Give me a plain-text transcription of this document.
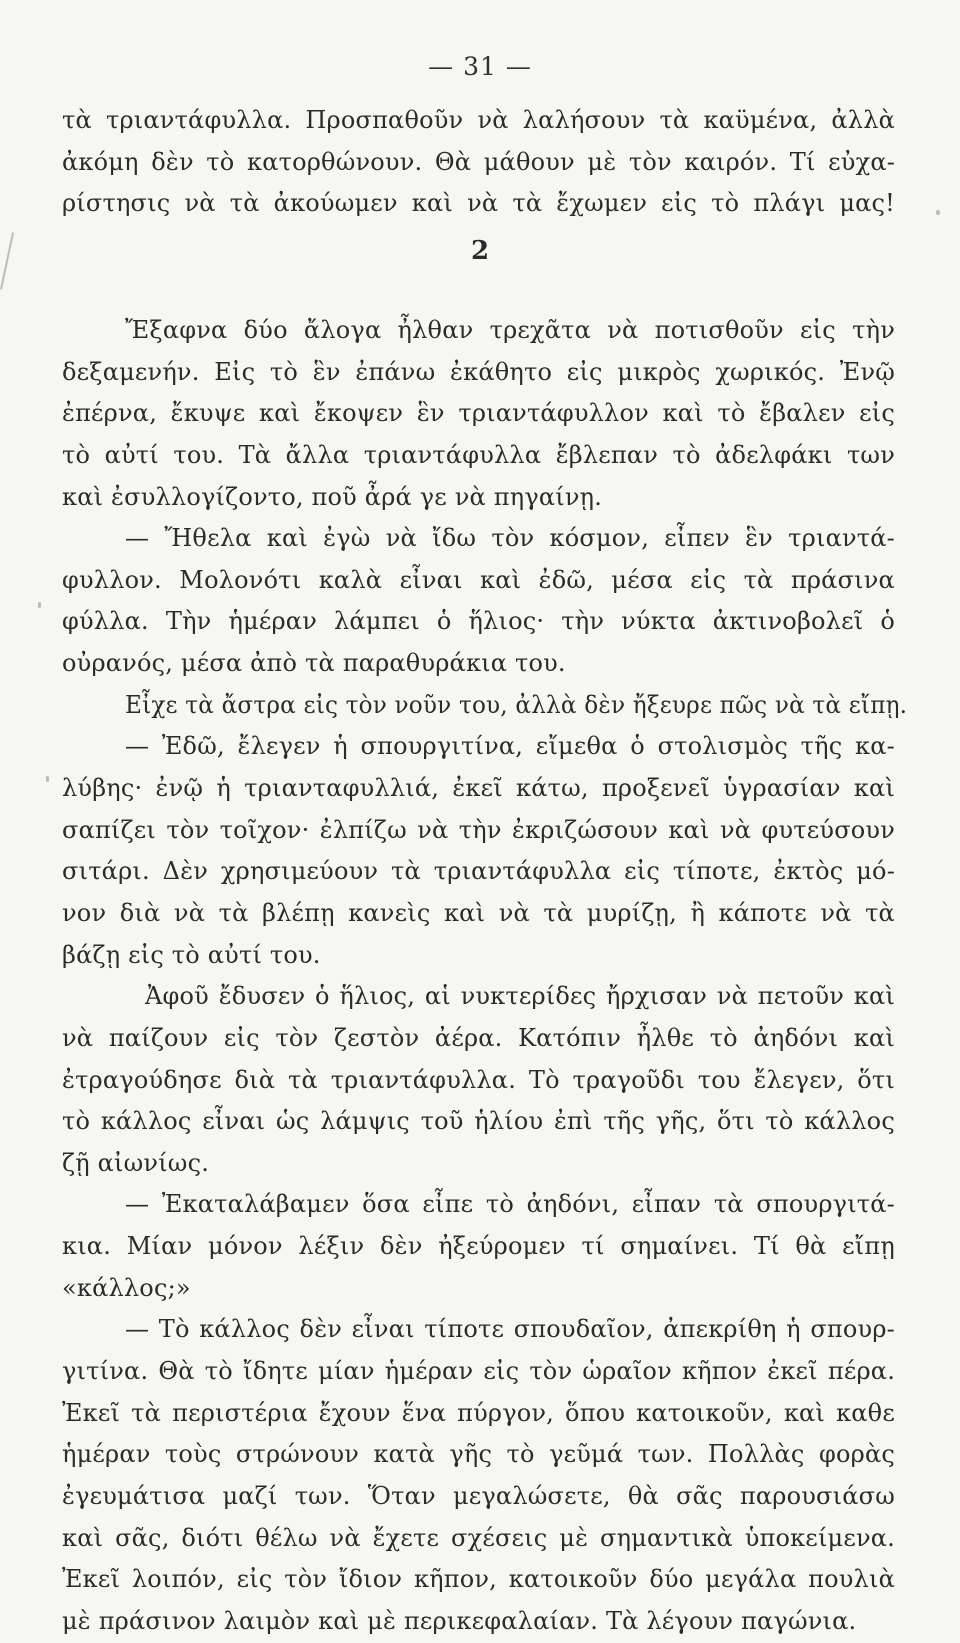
— 31 —
τὰ τριαντάφυλλα. Προσπαθοῦν νὰ λαλήσουν τὰ καϋμένα, ἀλλὰ
ἀκόμη δὲν τὸ κατορθώνουν. Θὰ μάθουν μὲ τὸν καιρόν. Τί εὐχα-
ρίστησις νὰ τὰ ἀκούωμεν καὶ νὰ τὰ ἔχωμεν εἰς τὸ πλάγι μας!
2
Ἔξαφνα δύο ἄλογα ἦλθαν τρεχᾶτα νὰ ποτισθοῦν εἰς τὴν
δεξαμενήν. Εἰς τὸ ἓν ἐπάνω ἐκάθητο εἰς μικρὸς χωρικός. Ἐνῷ
ἐπέρνα, ἔκυψε καὶ ἔκοψεν ἓν τριαντάφυλλον καὶ τὸ ἔβαλεν εἰς
τὸ αὐτί του. Τὰ ἄλλα τριαντάφυλλα ἔβλεπαν τὸ ἀδελφάκι των
καὶ ἐσυλλογίζοντο, ποῦ ἆρά γε νὰ πηγαίνῃ.
— Ἤθελα καὶ ἐγὼ νὰ ἴδω τὸν κόσμον, εἶπεν ἓν τριαντά-
φυλλον. Μολονότι καλὰ εἶναι καὶ ἐδῶ, μέσα εἰς τὰ πράσινα
φύλλα. Τὴν ἡμέραν λάμπει ὁ ἥλιος· τὴν νύκτα ἀκτινοβολεῖ ὁ
οὐρανός, μέσα ἀπὸ τὰ παραθυράκια του.
Εἶχε τὰ ἄστρα εἰς τὸν νοῦν του, ἀλλὰ δὲν ἤξευρε πῶς νὰ τὰ εἴπῃ.
— Ἐδῶ, ἔλεγεν ἡ σπουργιτίνα, εἴμεθα ὁ στολισμὸς τῆς κα-
λύβης· ἐνῷ ἡ τριανταφυλλιά, ἐκεῖ κάτω, προξενεῖ ὑγρασίαν καὶ
σαπίζει τὸν τοῖχον· ἐλπίζω νὰ τὴν ἐκριζώσουν καὶ νὰ φυτεύσουν
σιτάρι. Δὲν χρησιμεύουν τὰ τριαντάφυλλα εἰς τίποτε, ἐκτὸς μό-
νον διὰ νὰ τὰ βλέπῃ κανεὶς καὶ νὰ τὰ μυρίζῃ, ἢ κάποτε νὰ τὰ
βάζῃ εἰς τὸ αὐτί του.
Ἀφοῦ ἔδυσεν ὁ ἥλιος, αἱ νυκτερίδες ἤρχισαν νὰ πετοῦν καὶ
νὰ παίζουν εἰς τὸν ζεστὸν ἀέρα. Κατόπιν ἦλθε τὸ ἀηδόνι καὶ
ἐτραγούδησε διὰ τὰ τριαντάφυλλα. Τὸ τραγοῦδι του ἔλεγεν, ὅτι
τὸ κάλλος εἶναι ὡς λάμψις τοῦ ἡλίου ἐπὶ τῆς γῆς, ὅτι τὸ κάλλος
ζῇ αἰωνίως.
— Ἐκαταλάβαμεν ὅσα εἶπε τὸ ἀηδόνι, εἶπαν τὰ σπουργιτά-
κια. Μίαν μόνον λέξιν δὲν ἠξεύρομεν τί σημαίνει. Τί θὰ εἴπῃ
«κάλλος;»
— Τὸ κάλλος δὲν εἶναι τίποτε σπουδαῖον, ἀπεκρίθη ἡ σπουρ-
γιτίνα. Θὰ τὸ ἴδητε μίαν ἡμέραν εἰς τὸν ὡραῖον κῆπον ἐκεῖ πέρα.
Ἐκεῖ τὰ περιστέρια ἔχουν ἕνα πύργον, ὅπου κατοικοῦν, καὶ καθε
ἡμέραν τοὺς στρώνουν κατὰ γῆς τὸ γεῦμά των. Πολλὰς φορὰς
ἐγευμάτισα μαζί των. Ὅταν μεγαλώσετε, θὰ σᾶς παρουσιάσω
καὶ σᾶς, διότι θέλω νὰ ἔχετε σχέσεις μὲ σημαντικὰ ὑποκείμενα.
Ἐκεῖ λοιπόν, εἰς τὸν ἴδιον κῆπον, κατοικοῦν δύο μεγάλα πουλιὰ
μὲ πράσινον λαιμὸν καὶ μὲ περικεφαλαίαν. Τὰ λέγουν παγώνια.
